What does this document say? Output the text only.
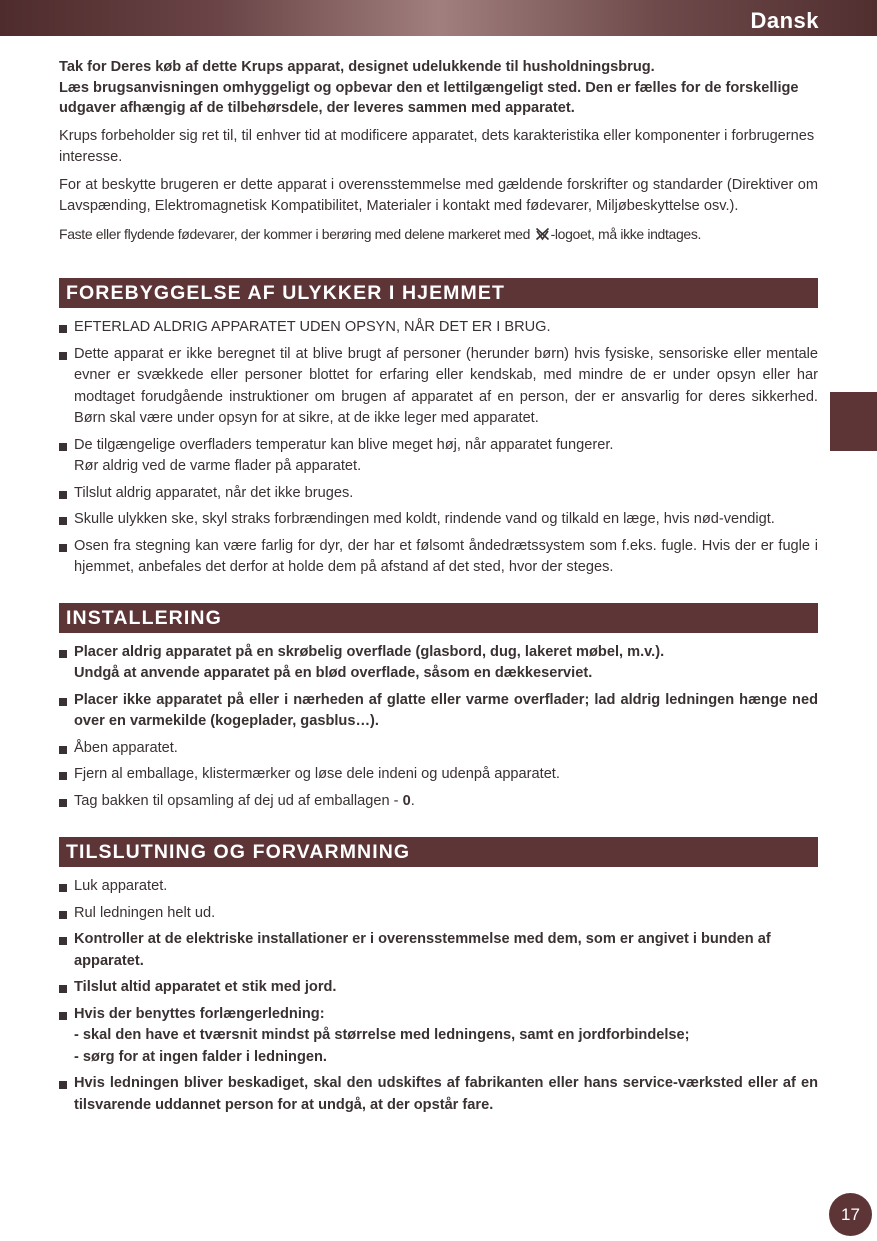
Dansk
Tak for Deres køb af dette Krups apparat, designet udelukkende til husholdningsbrug.
Læs brugsanvisningen omhyggeligt og opbevar den et lettilgængeligt sted. Den er fælles for de forskellige udgaver afhængig af de tilbehørsdele, der leveres sammen med apparatet.

Krups forbeholder sig ret til, til enhver tid at modificere apparatet, dets karakteristika eller komponenter i forbrugernes interesse.

For at beskytte brugeren er dette apparat i overensstemmelse med gældende forskrifter og standarder (Direktiver om Lavspænding, Elektromagnetisk Kompatibilitet, Materialer i kontakt med fødevarer, Miljøbeskyttelse osv.).

Faste eller flydende fødevarer, der kommer i berøring med delene markeret med -logoet, må ikke indtages.

FOREBYGGELSE AF ULYKKER I HJEMMET
EFTERLAD ALDRIG APPARATET UDEN OPSYN, NÅR DET ER I BRUG.
Dette apparat er ikke beregnet til at blive brugt af personer (herunder børn) hvis fysiske, sensoriske eller mentale evner er svækkede eller personer blottet for erfaring eller kendskab, med mindre de er under opsyn eller har modtaget forudgående instruktioner om brugen af apparatet af en person, der er ansvarlig for deres sikkerhed. Børn skal være under opsyn for at sikre, at de ikke leger med apparatet.
De tilgængelige overfladers temperatur kan blive meget høj, når apparatet fungerer.
Rør aldrig ved de varme flader på apparatet.
Tilslut aldrig apparatet, når det ikke bruges.
Skulle ulykken ske, skyl straks forbrændingen med koldt, rindende vand og tilkald en læge, hvis nød-vendigt.
Osen fra stegning kan være farlig for dyr, der har et følsomt åndedrætssystem som f.eks. fugle. Hvis der er fugle i hjemmet, anbefales det derfor at holde dem på afstand af det sted, hvor der steges.
INSTALLERING
Placer aldrig apparatet på en skrøbelig overflade (glasbord, dug, lakeret møbel, m.v.).
Undgå at anvende apparatet på en blød overflade, såsom en dækkeserviet.
Placer ikke apparatet på eller i nærheden af glatte eller varme overflader; lad aldrig ledningen hænge ned over en varmekilde (kogeplader, gasblus…).
Åben apparatet.
Fjern al emballage, klistermærker og løse dele indeni og udenpå apparatet.
Tag bakken til opsamling af dej ud af emballagen - 0.
TILSLUTNING OG FORVARMNING
Luk apparatet.
Rul ledningen helt ud.
Kontroller at de elektriske installationer er i overensstemmelse med dem, som er angivet i bunden af apparatet.
Tilslut altid apparatet et stik med jord.
Hvis der benyttes forlængerledning:
- skal den have et tværsnit mindst på størrelse med ledningens, samt en jordforbindelse;
- sørg for at ingen falder i ledningen.
Hvis ledningen bliver beskadiget, skal den udskiftes af fabrikanten eller hans service-værksted eller af en tilsvarende uddannet person for at undgå, at der opstår fare.
17
